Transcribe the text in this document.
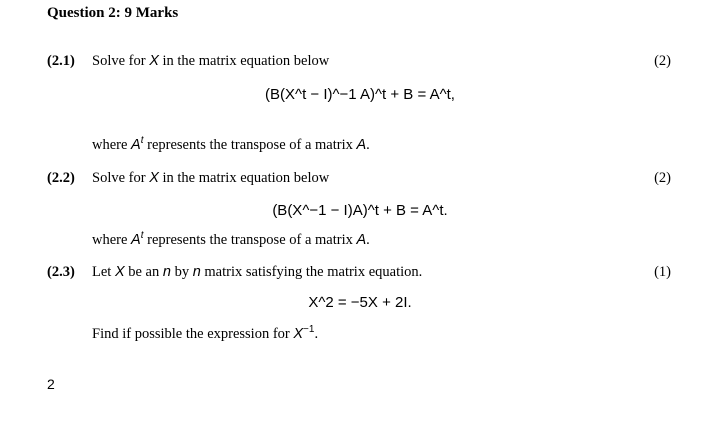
Question 2: 9 Marks
(2.1) Solve for X in the matrix equation below	(2)
(B(X^t − I)^−1 A)^t + B = A^t,
where $A^t$ represents the transpose of a matrix A.
(2.2) Solve for X in the matrix equation below	(2)
(B(X^−1 − I)A)^t + B = A^t.
where $A^t$ represents the transpose of a matrix A.
(2.3) Let X be an n by n matrix satisfying the matrix equation.	(1)
X^2 = −5X + 2I.
Find if possible the expression for $X^{-1}$.
2
